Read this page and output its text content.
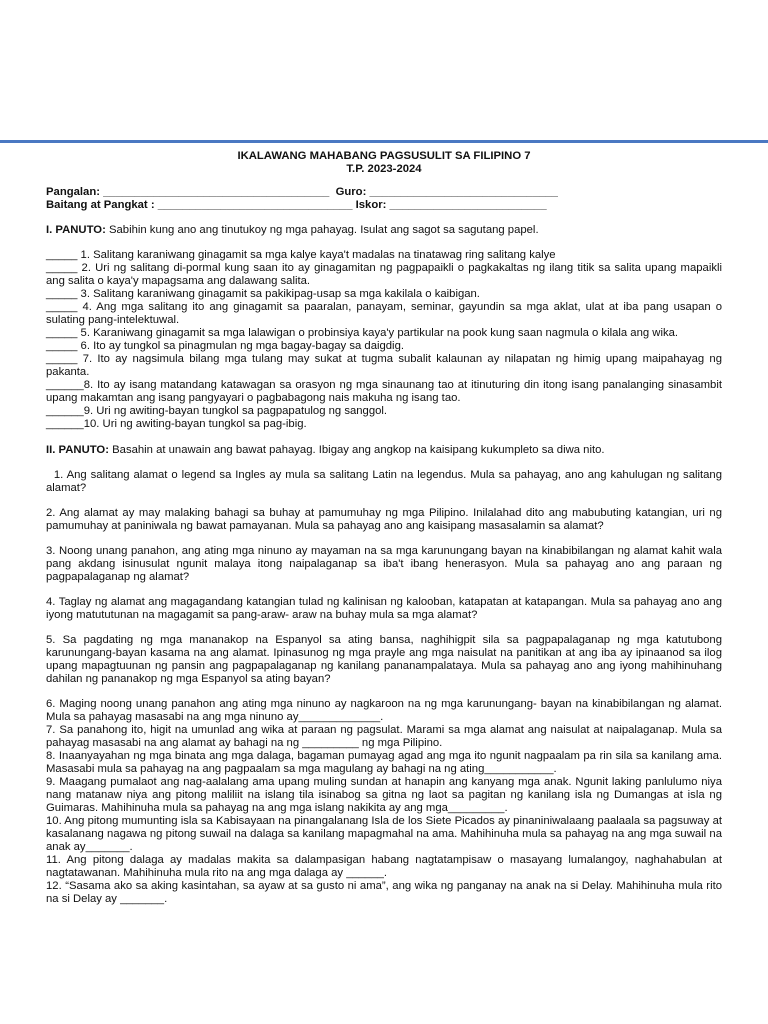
IKALAWANG MAHABANG PAGSUSULIT SA FILIPINO 7
T.P. 2023-2024
Pangalan: ____________________________________  Guro: ______________________________
Baitang at Pangkat : _______________________________ Iskor: _________________________
I. PANUTO: Sabihin kung ano ang tinutukoy ng mga pahayag. Isulat ang sagot sa sagutang papel.
_____ 1. Salitang karaniwang ginagamit sa mga kalye kaya't madalas na tinatawag ring salitang kalye
_____ 2. Uri ng salitang di-pormal kung saan ito ay ginagamitan ng pagpapaikli o pagkakaltas ng ilang titik sa salita upang mapaikli ang salita o kaya'y mapagsama ang dalawang salita.
_____ 3. Salitang karaniwang ginagamit sa pakikipag-usap sa mga kakilala o kaibigan.
_____ 4. Ang mga salitang ito ang ginagamit sa paaralan, panayam, seminar, gayundin sa mga aklat, ulat at iba pang usapan o sulating pang-intelektuwal.
_____ 5. Karaniwang ginagamit sa mga lalawigan o probinsiya kaya'y partikular na pook kung saan nagmula o kilala ang wika.
_____ 6. Ito ay tungkol sa pinagmulan ng mga bagay-bagay sa daigdig.
_____ 7. Ito ay nagsimula bilang mga tulang may sukat at tugma subalit kalaunan ay nilapatan ng himig upang maipahayag ng pakanta.
______8. Ito ay isang matandang katawagan sa orasyon ng mga sinaunang tao at itinuturing din itong isang panalanging sinasambit upang makamtan ang isang pangyayari o pagbabagong nais makuha ng isang tao.
______9. Uri ng awiting-bayan tungkol sa pagpapatulog ng sanggol.
______10. Uri ng awiting-bayan tungkol sa pag-ibig.
II. PANUTO: Basahin at unawain ang bawat pahayag. Ibigay ang angkop na kaisipang kukumpleto sa diwa nito.
1. Ang salitang alamat o legend sa Ingles ay mula sa salitang Latin na legendus. Mula sa pahayag, ano ang kahulugan ng salitang alamat?
2. Ang alamat ay may malaking bahagi sa buhay at pamumuhay ng mga Pilipino. Inilalahad dito ang mabubuting katangian, uri ng pamumuhay at paniniwala ng bawat pamayanan. Mula sa pahayag ano ang kaisipang masasalamin sa alamat?
3. Noong unang panahon, ang ating mga ninuno ay mayaman na sa mga karunungang bayan na kinabibilangan ng alamat kahit wala pang akdang isinusulat ngunit malaya itong naipalaganap sa iba't ibang henerasyon. Mula sa pahayag ano ang paraan ng pagpapalaganap ng alamat?
4. Taglay ng alamat ang magagandang katangian tulad ng kalinisan ng kalooban, katapatan at katapangan. Mula sa pahayag ano ang iyong matututunan na magagamit sa pang-araw- araw na buhay mula sa mga alamat?
5. Sa pagdating ng mga mananakop na Espanyol sa ating bansa, naghihigpit sila sa pagpapalaganap ng mga katutubong karunungang-bayan kasama na ang alamat. Ipinasunog ng mga prayle ang mga naisulat na panitikan at ang iba ay ipinaanod sa ilog upang mapagtuunan ng pansin ang pagpapalaganap ng kanilang pananampalataya. Mula sa pahayag ano ang iyong mahihinuhang dahilan ng pananakop ng mga Espanyol sa ating bayan?
6. Maging noong unang panahon ang ating mga ninuno ay nagkaroon na ng mga karunungang- bayan na kinabibilangan ng alamat. Mula sa pahayag masasabi na ang mga ninuno ay_____________.
7. Sa panahong ito, higit na umunlad ang wika at paraan ng pagsulat. Marami sa mga alamat ang naisulat at naipalaganap. Mula sa pahayag masasabi na ang alamat ay bahagi na ng _________ ng mga Pilipino.
8. Inaanyayahan ng mga binata ang mga dalaga, bagaman pumayag agad ang mga ito ngunit nagpaalam pa rin sila sa kanilang ama. Masasabi mula sa pahayag na ang pagpaalam sa mga magulang ay bahagi na ng ating___________.
9. Maagang pumalaot ang nag-aalalang ama upang muling sundan at hanapin ang kanyang mga anak. Ngunit laking panlulumo niya nang matanaw niya ang pitong maliliit na islang tila isinabog sa gitna ng laot sa pagitan ng kanilang isla ng Dumangas at isla ng Guimaras. Mahihinuha mula sa pahayag na ang mga islang nakikita ay ang mga_________.
10. Ang pitong mumunting isla sa Kabisayaan na pinangalanang Isla de los Siete Picados ay pinaniniwalaang paalaala sa pagsuway at kasalanang nagawa ng pitong suwail na dalaga sa kanilang mapagmahal na ama. Mahihinuha mula sa pahayag na ang mga suwail na anak ay_______.
11. Ang pitong dalaga ay madalas makita sa dalampasigan habang nagtatampisaw o masayang lumalangoy, naghahabulan at nagtatawanan. Mahihinuha mula rito na ang mga dalaga ay ______.
12. “Sasama ako sa aking kasintahan, sa ayaw at sa gusto ni ama”, ang wika ng panganay na anak na si Delay. Mahihinuha mula rito na si Delay ay _______.
